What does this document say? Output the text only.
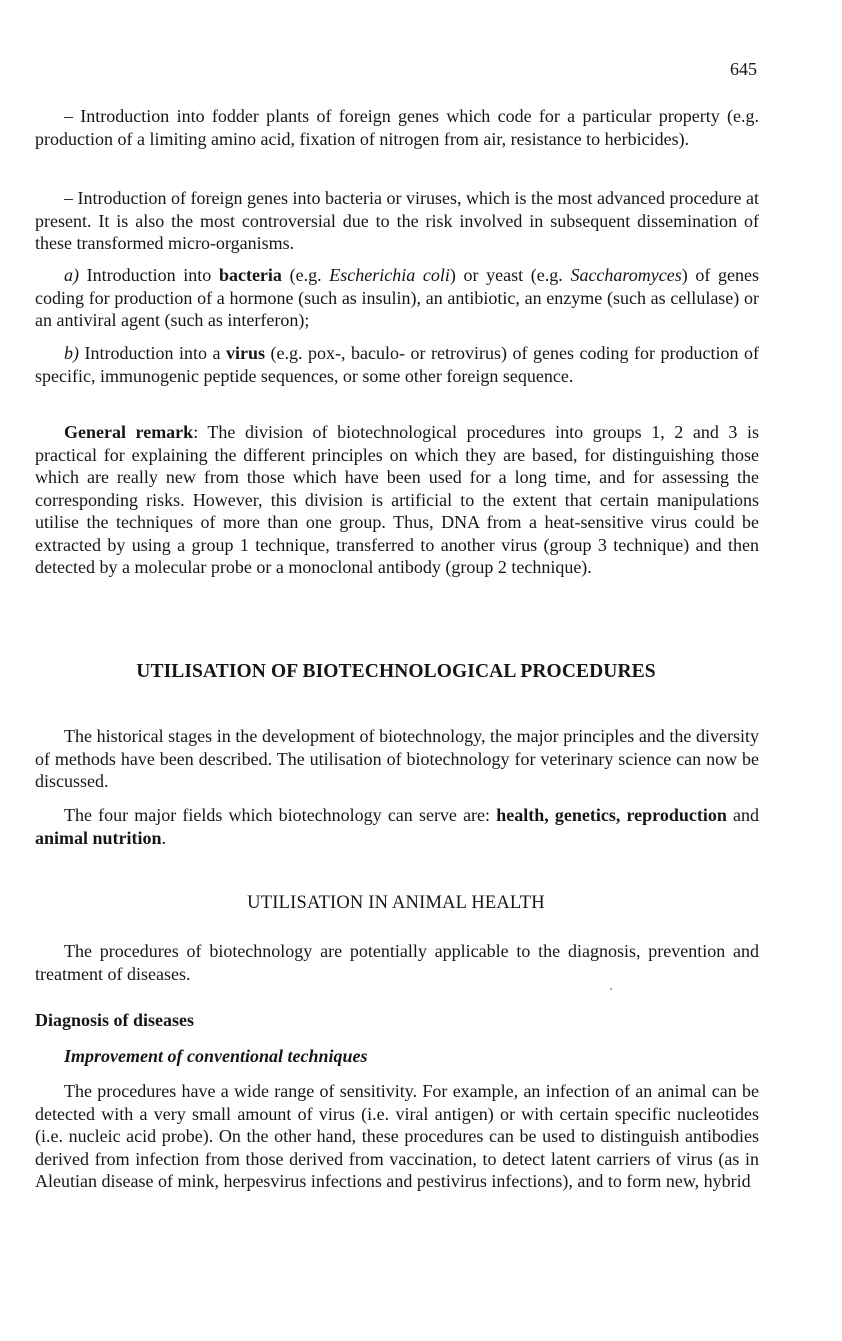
645

– Introduction into fodder plants of foreign genes which code for a particular property (e.g. production of a limiting amino acid, fixation of nitrogen from air, resistance to herbicides).

– Introduction of foreign genes into bacteria or viruses, which is the most advanced procedure at present. It is also the most controversial due to the risk involved in subsequent dissemination of these transformed micro-organisms.

a) Introduction into bacteria (e.g. Escherichia coli) or yeast (e.g. Saccharomyces) of genes coding for production of a hormone (such as insulin), an antibiotic, an enzyme (such as cellulase) or an antiviral agent (such as interferon);

b) Introduction into a virus (e.g. pox-, baculo- or retrovirus) of genes coding for production of specific, immunogenic peptide sequences, or some other foreign sequence.

General remark: The division of biotechnological procedures into groups 1, 2 and 3 is practical for explaining the different principles on which they are based, for distinguishing those which are really new from those which have been used for a long time, and for assessing the corresponding risks. However, this division is artificial to the extent that certain manipulations utilise the techniques of more than one group. Thus, DNA from a heat-sensitive virus could be extracted by using a group 1 technique, transferred to another virus (group 3 technique) and then detected by a molecular probe or a monoclonal antibody (group 2 technique).

UTILISATION OF BIOTECHNOLOGICAL PROCEDURES

The historical stages in the development of biotechnology, the major principles and the diversity of methods have been described. The utilisation of biotechnology for veterinary science can now be discussed.

The four major fields which biotechnology can serve are: health, genetics, reproduction and animal nutrition.

UTILISATION IN ANIMAL HEALTH

The procedures of biotechnology are potentially applicable to the diagnosis, prevention and treatment of diseases.

Diagnosis of diseases
Improvement of conventional techniques

The procedures have a wide range of sensitivity. For example, an infection of an animal can be detected with a very small amount of virus (i.e. viral antigen) or with certain specific nucleotides (i.e. nucleic acid probe). On the other hand, these procedures can be used to distinguish antibodies derived from infection from those derived from vaccination, to detect latent carriers of virus (as in Aleutian disease of mink, herpesvirus infections and pestivirus infections), and to form new, hybrid
